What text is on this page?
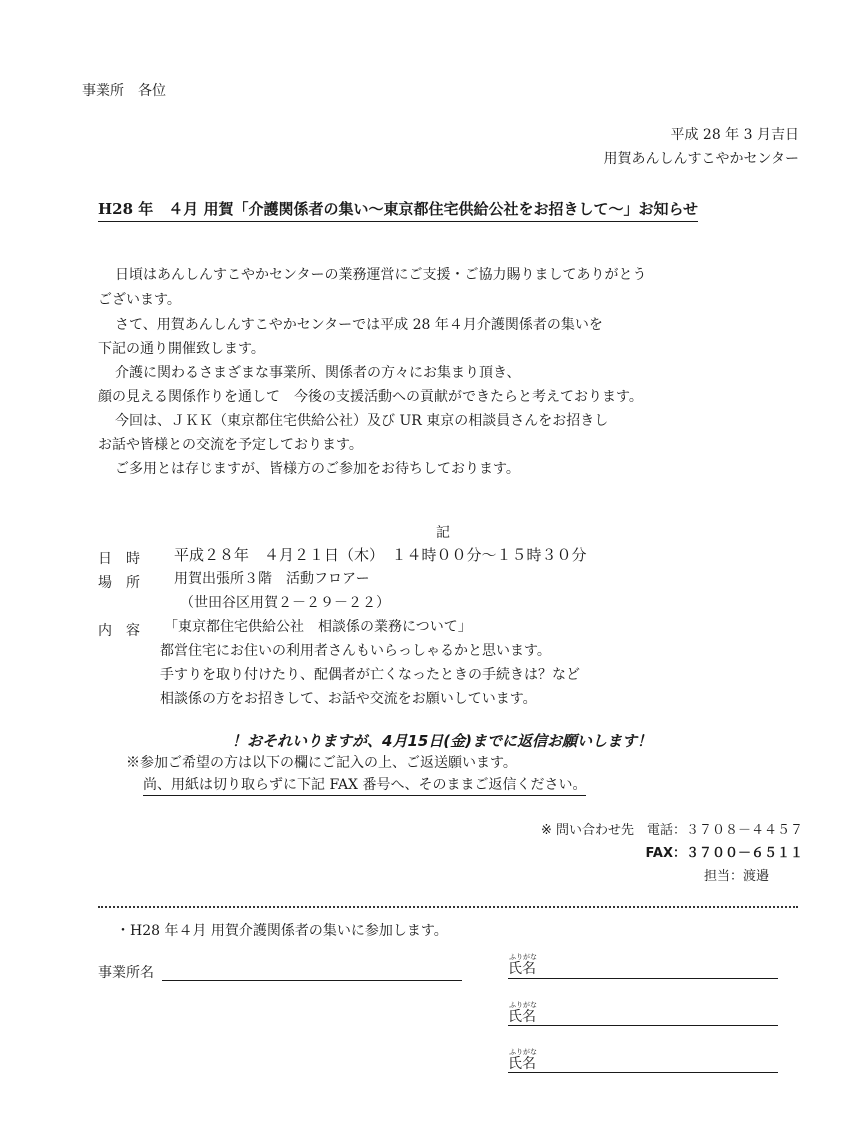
事業所　各位
平成 28 年 3 月吉日
用賀あんしんすこやかセンター
H28 年　４月 用賀「介護関係者の集い～東京都住宅供給公社をお招きして～」お知らせ
日頃はあんしんすこやかセンターの業務運営にご支援・ご協力賜りましてありがとう
ございます。
さて、用賀あんしんすこやかセンターでは平成 28 年４月介護関係者の集いを
下記の通り開催致します。
介護に関わるさまざまな事業所、関係者の方々にお集まり頂き、
顔の見える関係作りを通して　今後の支援活動への貢献ができたらと考えております。
今回は、ＪＫＫ（東京都住宅供給公社）及び UR 東京の相談員さんをお招きし
お話や皆様との交流を予定しております。
ご多用とは存じますが、皆様方のご参加をお待ちしております。
記
日　時 平成２８年　４月２１日（木）　１４時００分～１５時３０分
場　所 用賀出張所３階　活動フロアー
（世田谷区用賀２－２９－２２）
内　容 「東京都住宅供給公社　相談係の業務について」
都営住宅にお住いの利用者さんもいらっしゃるかと思います。
手すりを取り付けたり、配偶者が亡くなったときの手続きは？など
相談係の方をお招きして、お話や交流をお願いしています。
！おそれいりますが、4月15日(金)までに返信お願いします！
※参加ご希望の方は以下の欄にご記入の上、ご返送願います。
尚、用紙は切り取らずに下記 FAX 番号へ、そのままご返信ください。
※ 問い合わせ先　電話：３７０８－４４５７
FAX：３７００－６５１１
担当：渡邉
・H28 年４月 用賀介護関係者の集いに参加します。
事業所名
ふりがな
氏名
ふりがな
氏名
ふりがな
氏名
